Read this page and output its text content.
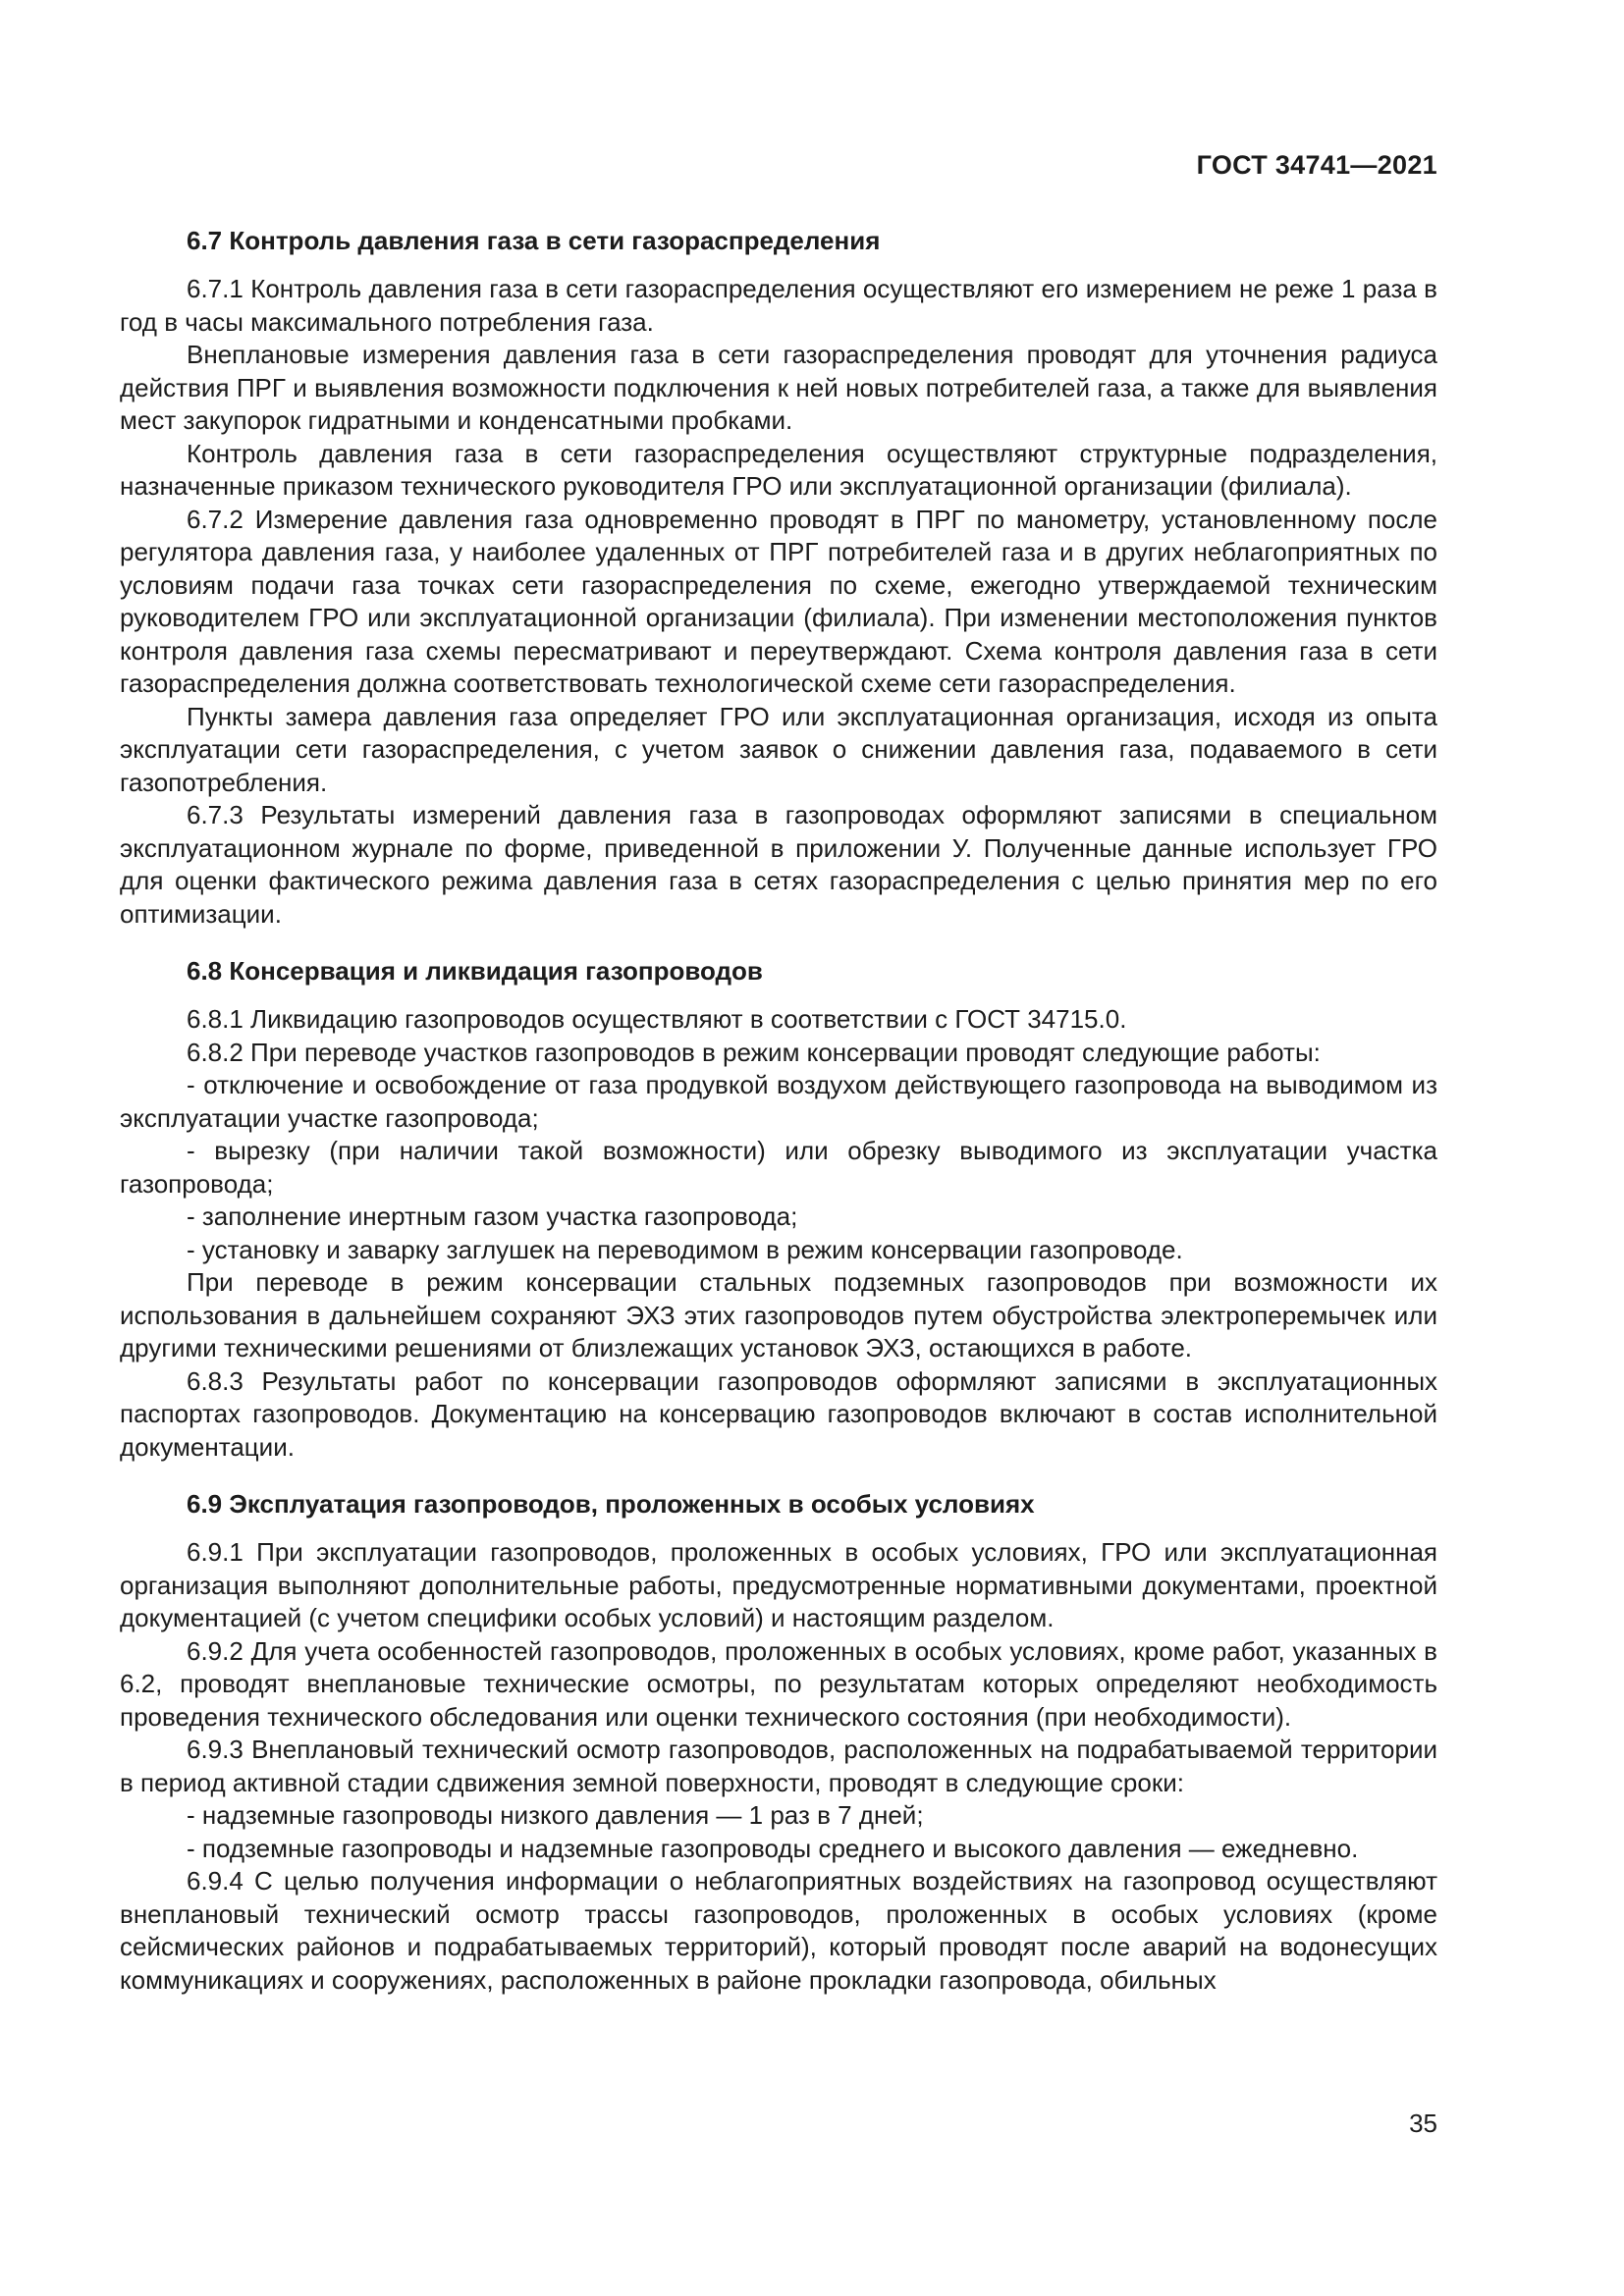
ГОСТ 34741—2021
6.7 Контроль давления газа в сети газораспределения

6.7.1 Контроль давления газа в сети газораспределения осуществляют его измерением не реже 1 раза в год в часы максимального потребления газа.

Внеплановые измерения давления газа в сети газораспределения проводят для уточнения радиуса действия ПРГ и выявления возможности подключения к ней новых потребителей газа, а также для выявления мест закупорок гидратными и конденсатными пробками.

Контроль давления газа в сети газораспределения осуществляют структурные подразделения, назначенные приказом технического руководителя ГРО или эксплуатационной организации (филиала).

6.7.2 Измерение давления газа одновременно проводят в ПРГ по манометру, установленному после регулятора давления газа, у наиболее удаленных от ПРГ потребителей газа и в других неблагоприятных по условиям подачи газа точках сети газораспределения по схеме, ежегодно утверждаемой техническим руководителем ГРО или эксплуатационной организации (филиала). При изменении местоположения пунктов контроля давления газа схемы пересматривают и переутверждают. Схема контроля давления газа в сети газораспределения должна соответствовать технологической схеме сети газораспределения.

Пункты замера давления газа определяет ГРО или эксплуатационная организация, исходя из опыта эксплуатации сети газораспределения, с учетом заявок о снижении давления газа, подаваемого в сети газопотребления.

6.7.3 Результаты измерений давления газа в газопроводах оформляют записями в специальном эксплуатационном журнале по форме, приведенной в приложении У. Полученные данные использует ГРО для оценки фактического режима давления газа в сетях газораспределения с целью принятия мер по его оптимизации.

6.8 Консервация и ликвидация газопроводов

6.8.1 Ликвидацию газопроводов осуществляют в соответствии с ГОСТ 34715.0.

6.8.2 При переводе участков газопроводов в режим консервации проводят следующие работы:

- отключение и освобождение от газа продувкой воздухом действующего газопровода на выводимом из эксплуатации участке газопровода;

- вырезку (при наличии такой возможности) или обрезку выводимого из эксплуатации участка газопровода;

- заполнение инертным газом участка газопровода;

- установку и заварку заглушек на переводимом в режим консервации газопроводе.

При переводе в режим консервации стальных подземных газопроводов при возможности их использования в дальнейшем сохраняют ЭХЗ этих газопроводов путем обустройства электроперемычек или другими техническими решениями от близлежащих установок ЭХЗ, остающихся в работе.

6.8.3 Результаты работ по консервации газопроводов оформляют записями в эксплуатационных паспортах газопроводов. Документацию на консервацию газопроводов включают в состав исполнительной документации.

6.9 Эксплуатация газопроводов, проложенных в особых условиях

6.9.1 При эксплуатации газопроводов, проложенных в особых условиях, ГРО или эксплуатационная организация выполняют дополнительные работы, предусмотренные нормативными документами, проектной документацией (с учетом специфики особых условий) и настоящим разделом.

6.9.2 Для учета особенностей газопроводов, проложенных в особых условиях, кроме работ, указанных в 6.2, проводят внеплановые технические осмотры, по результатам которых определяют необходимость проведения технического обследования или оценки технического состояния (при необходимости).

6.9.3 Внеплановый технический осмотр газопроводов, расположенных на подрабатываемой территории в период активной стадии сдвижения земной поверхности, проводят в следующие сроки:

- надземные газопроводы низкого давления — 1 раз в 7 дней;

- подземные газопроводы и надземные газопроводы среднего и высокого давления — ежедневно.

6.9.4 С целью получения информации о неблагоприятных воздействиях на газопровод осуществляют внеплановый технический осмотр трассы газопроводов, проложенных в особых условиях (кроме сейсмических районов и подрабатываемых территорий), который проводят после аварий на водонесущих коммуникациях и сооружениях, расположенных в районе прокладки газопровода, обильных

35
